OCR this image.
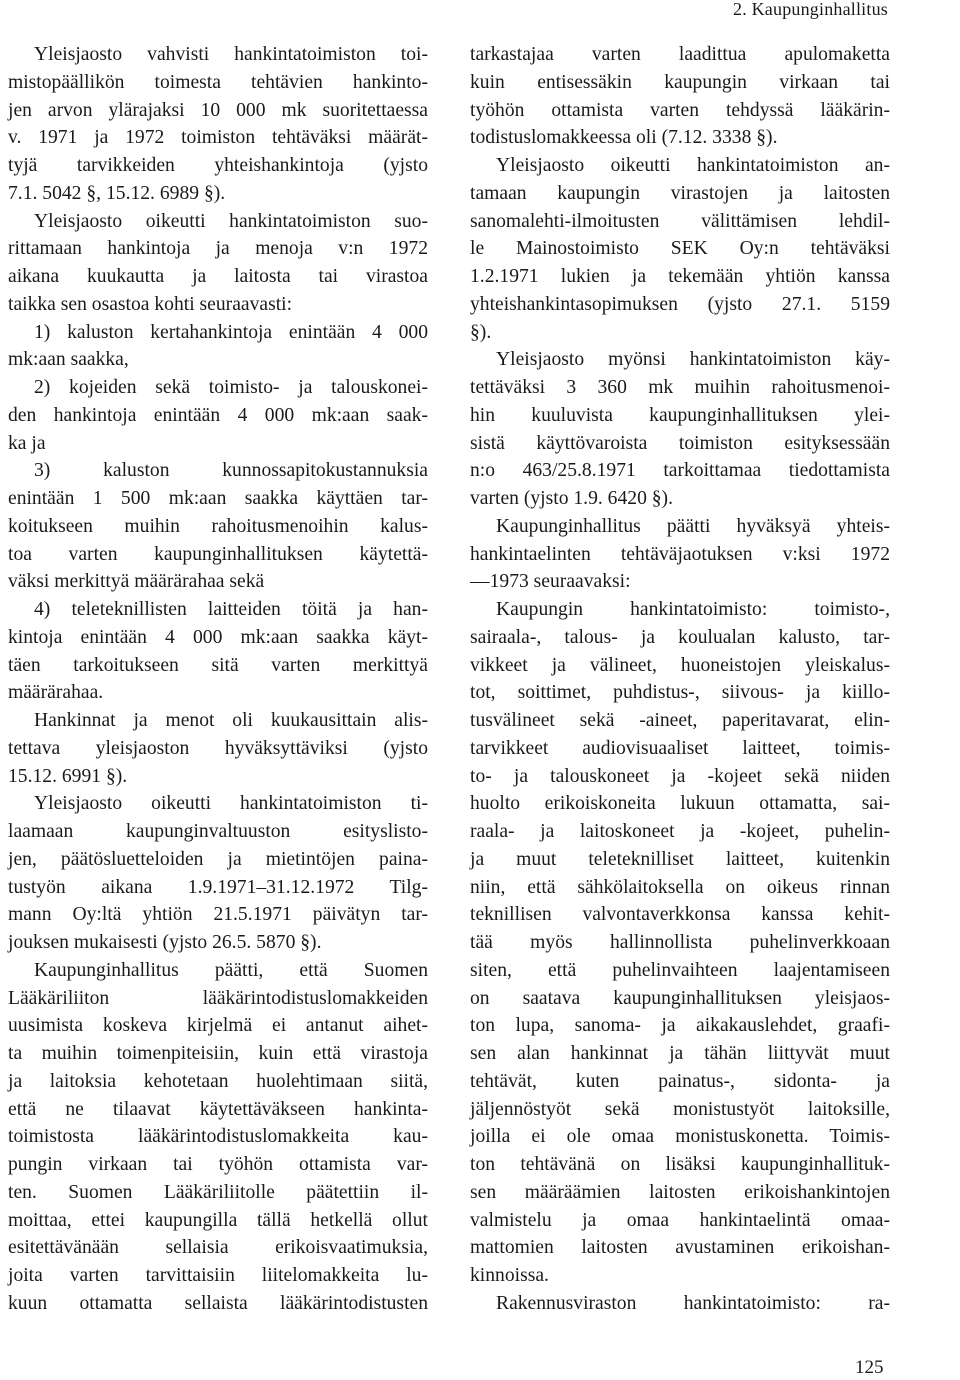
2. Kaupunginhallitus
Yleisjaosto vahvisti hankintatoimiston toi-
mistopäällikön toimesta tehtävien hankinto-
jen arvon ylärajaksi 10 000 mk suoritettaessa
v. 1971 ja 1972 toimiston tehtäväksi määrät-
tyjä tarvikkeiden yhteishankintoja (yjsto
7.1. 5042 §, 15.12. 6989 §).
Yleisjaosto oikeutti hankintatoimiston suo-
rittamaan hankintoja ja menoja v:n 1972
aikana kuukautta ja laitosta tai virastoa
taikka sen osastoa kohti seuraavasti:
1) kaluston kertahankintoja enintään 4 000
mk:aan saakka,
2) kojeiden sekä toimisto- ja talouskonei-
den hankintoja enintään 4 000 mk:aan saak-
ka ja
3) kaluston kunnossapitokustannuksia
enintään 1 500 mk:aan saakka käyttäen tar-
koitukseen muihin rahoitusmenoihin kalus-
toa varten kaupunginhallituksen käytettä-
väksi merkittyä määrärahaa sekä
4) teleteknillisten laitteiden töitä ja han-
kintoja enintään 4 000 mk:aan saakka käyt-
täen tarkoitukseen sitä varten merkittyä
määrärahaa.
Hankinnat ja menot oli kuukausittain alis-
tettava yleisjaoston hyväksyttäviksi (yjsto
15.12. 6991 §).
Yleisjaosto oikeutti hankintatoimiston ti-
laamaan kaupunginvaltuuston esityslisto-
jen, päätösluetteloiden ja mietintöjen paina-
tustyön aikana 1.9.1971–31.12.1972 Tilg-
mann Oy:ltä yhtiön 21.5.1971 päivätyn tar-
jouksen mukaisesti (yjsto 26.5. 5870 §).
Kaupunginhallitus päätti, että Suomen
Lääkäriliiton lääkärintodistuslomakkeiden
uusimista koskeva kirjelmä ei antanut aihet-
ta muihin toimenpiteisiin, kuin että virastoja
ja laitoksia kehotetaan huolehtimaan siitä,
että ne tilaavat käytettäväkseen hankinta-
toimistosta lääkärintodistuslomakkeita kau-
pungin virkaan tai työhön ottamista var-
ten. Suomen Lääkäriliitolle päätettiin il-
moittaa, ettei kaupungilla tällä hetkellä ollut
esitettävänään sellaisia erikoisvaatimuksia,
joita varten tarvittaisiin liitelomakkeita lu-
kuun ottamatta sellaista lääkärintodistusten
tarkastajaa varten laadittua apulomaketta
kuin entisessäkin kaupungin virkaan tai
työhön ottamista varten tehdyssä lääkärin-
todistuslomakkeessa oli (7.12. 3338 §).
Yleisjaosto oikeutti hankintatoimiston an-
tamaan kaupungin virastojen ja laitosten
sanomalehti-ilmoitusten välittämisen lehdil-
le Mainostoimisto SEK Oy:n tehtäväksi
1.2.1971 lukien ja tekemään yhtiön kanssa
yhteishankintasopimuksen (yjsto 27.1. 5159
§).
Yleisjaosto myönsi hankintatoimiston käy-
tettäväksi 3 360 mk muihin rahoitusmenoi-
hin kuuluvista kaupunginhallituksen ylei-
sistä käyttövaroista toimiston esityksessään
n:o 463/25.8.1971 tarkoittamaa tiedottamista
varten (yjsto 1.9. 6420 §).
Kaupunginhallitus päätti hyväksyä yhteis-
hankintaelinten tehtäväjaotuksen v:ksi 1972
—1973 seuraavaksi:
Kaupungin hankintatoimisto: toimisto-,
sairaala-, talous- ja koulualan kalusto, tar-
vikkeet ja välineet, huoneistojen yleiskalus-
tot, soittimet, puhdistus-, siivous- ja kiillo-
tusvälineet sekä -aineet, paperitavarat, elin-
tarvikkeet audiovisuaaliset laitteet, toimis-
to- ja talouskoneet ja -kojeet sekä niiden
huolto erikoiskoneita lukuun ottamatta, sai-
raala- ja laitoskoneet ja -kojeet, puhelin-
ja muut teleteknilliset laitteet, kuitenkin
niin, että sähkölaitoksella on oikeus rinnan
teknillisen valvontaverkkonsa kanssa kehit-
tää myös hallinnollista puhelinverkkoaan
siten, että puhelinvaihteen laajentamiseen
on saatava kaupunginhallituksen yleisjaos-
ton lupa, sanoma- ja aikakauslehdet, graafi-
sen alan hankinnat ja tähän liittyvät muut
tehtävät, kuten painatus-, sidonta- ja
jäljennöstyöt sekä monistustyöt laitoksille,
joilla ei ole omaa monistuskonetta. Toimis-
ton tehtävänä on lisäksi kaupunginhallituk-
sen määräämien laitosten erikoishankintojen
valmistelu ja omaa hankintaelintä omaa-
mattomien laitosten avustaminen erikoishan-
kinnoissa.
Rakennusviraston hankintatoimisto: ra-
125
